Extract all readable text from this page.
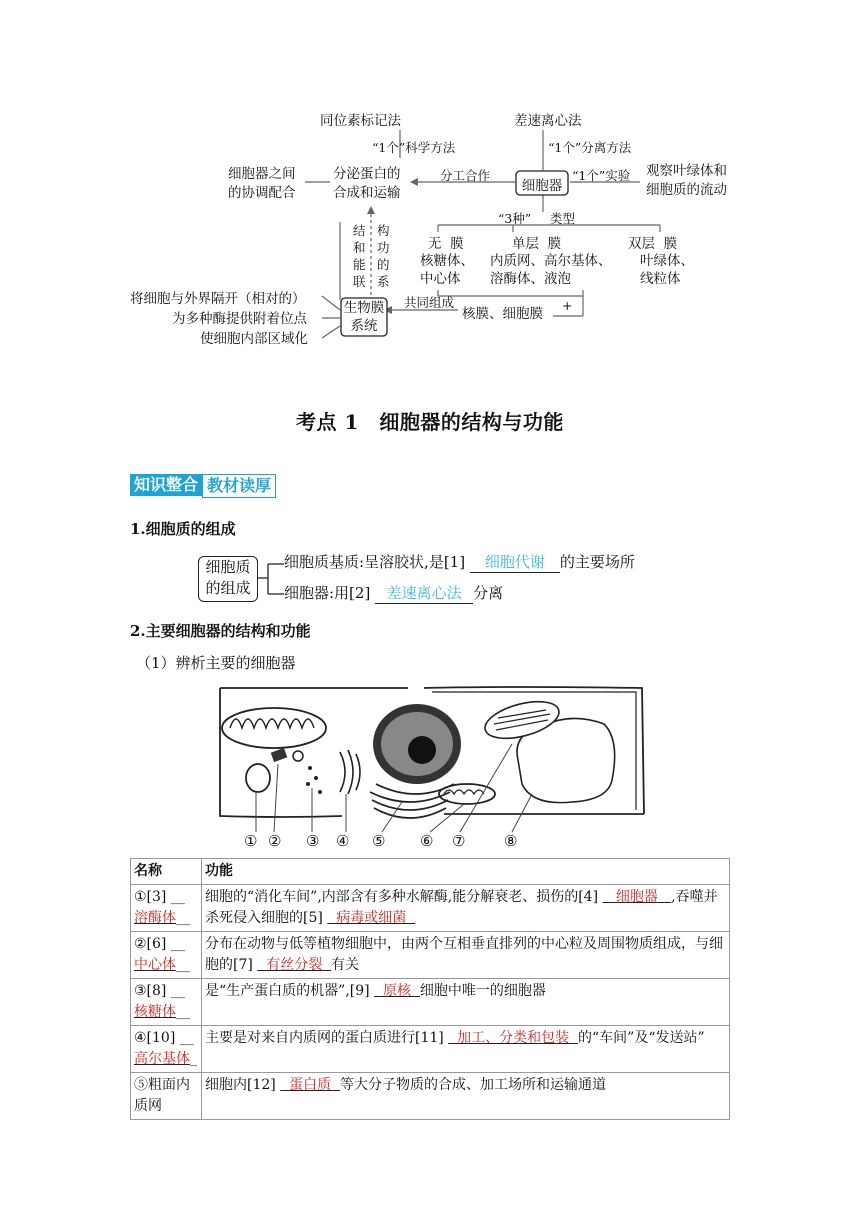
同位素标记法	差速离心法
“1个”科学方法	“1个”分离方法
细胞器之间
的协调配合
分泌蛋白的
合成和运输
分工合作
细胞器
“1个”实验 观察叶绿体和
细胞质的流动
“3种” 类型
结
和
能
联
构
功
的
系
无 膜
核糖体、
中心体
单层 膜
内质网、高尔基体、
溶酶体、液泡
双层 膜
叶绿体、
线粒体
将细胞与外界隔开（相对的）
为多种酶提供附着位点
使细胞内部区域化
生物膜
系统
共同组成
核膜、细胞膜
+
考点 1　细胞器的结构与功能
知识整合 教材读厚
1.细胞质的组成
细胞质
的组成
细胞质基质:呈溶胶状,是[1] 细胞代谢 的主要场所
细胞器:用[2] 差速离心法 分离
2.主要细胞器的结构和功能
（1）辨析主要的细胞器
① ② ③ ④ ⑤ ⑥ ⑦	⑧
名称	功能
①[3] __
溶酶体__	细胞的“消化车间”,内部含有多种水解酶,能分解衰老、损伤的[4] 细胞器 ,吞噬并杀死侵入细胞的[5] 病毒或细菌
②[6] __
中心体__	分布在动物与低等植物细胞中，由两个互相垂直排列的中心粒及周围物质组成，与细胞的[7] 有丝分裂 有关
③[8] __
核糖体__	是“生产蛋白质的机器”,[9] 原核 细胞中唯一的细胞器
④[10] __
高尔基体_	主要是对来自内质网的蛋白质进行[11] 加工、分类和包装 的“车间”及“发送站”
⑤粗面内质网	细胞内[12] 蛋白质 等大分子物质的合成、加工场所和运输通道
